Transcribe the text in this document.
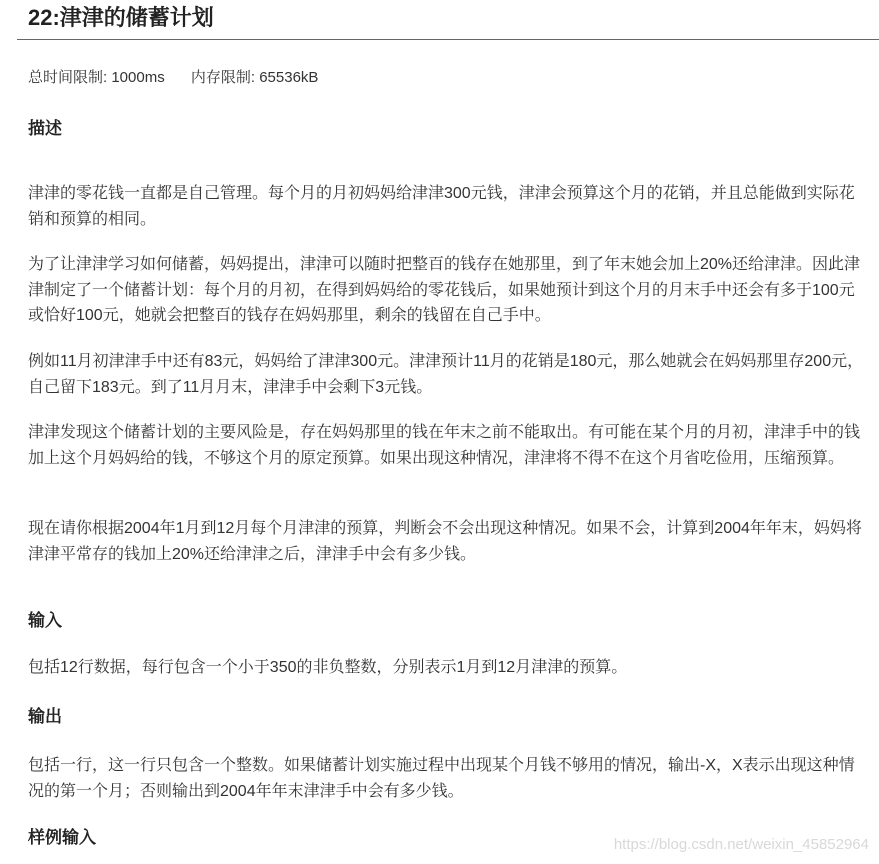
22:津津的储蓄计划
总时间限制: 1000ms 内存限制: 65536kB
描述

津津的零花钱一直都是自己管理。每个月的月初妈妈给津津300元钱，津津会预算这个月的花销，并且总能做到实际花销和预算的相同。

为了让津津学习如何储蓄，妈妈提出，津津可以随时把整百的钱存在她那里，到了年末她会加上20%还给津津。因此津津制定了一个储蓄计划：每个月的月初，在得到妈妈给的零花钱后，如果她预计到这个月的月末手中还会有多于100元或恰好100元，她就会把整百的钱存在妈妈那里，剩余的钱留在自己手中。

例如11月初津津手中还有83元，妈妈给了津津300元。津津预计11月的花销是180元，那么她就会在妈妈那里存200元，自己留下183元。到了11月月末，津津手中会剩下3元钱。

津津发现这个储蓄计划的主要风险是，存在妈妈那里的钱在年末之前不能取出。有可能在某个月的月初，津津手中的钱加上这个月妈妈给的钱，不够这个月的原定预算。如果出现这种情况，津津将不得不在这个月省吃俭用，压缩预算。

现在请你根据2004年1月到12月每个月津津的预算，判断会不会出现这种情况。如果不会，计算到2004年年末，妈妈将津津平常存的钱加上20%还给津津之后，津津手中会有多少钱。

输入

包括12行数据，每行包含一个小于350的非负整数，分别表示1月到12月津津的预算。

输出

包括一行，这一行只包含一个整数。如果储蓄计划实施过程中出现某个月钱不够用的情况，输出-X，X表示出现这种情况的第一个月；否则输出到2004年年末津津手中会有多少钱。

样例输入	https://blog.csdn.net/weixin_45852964
